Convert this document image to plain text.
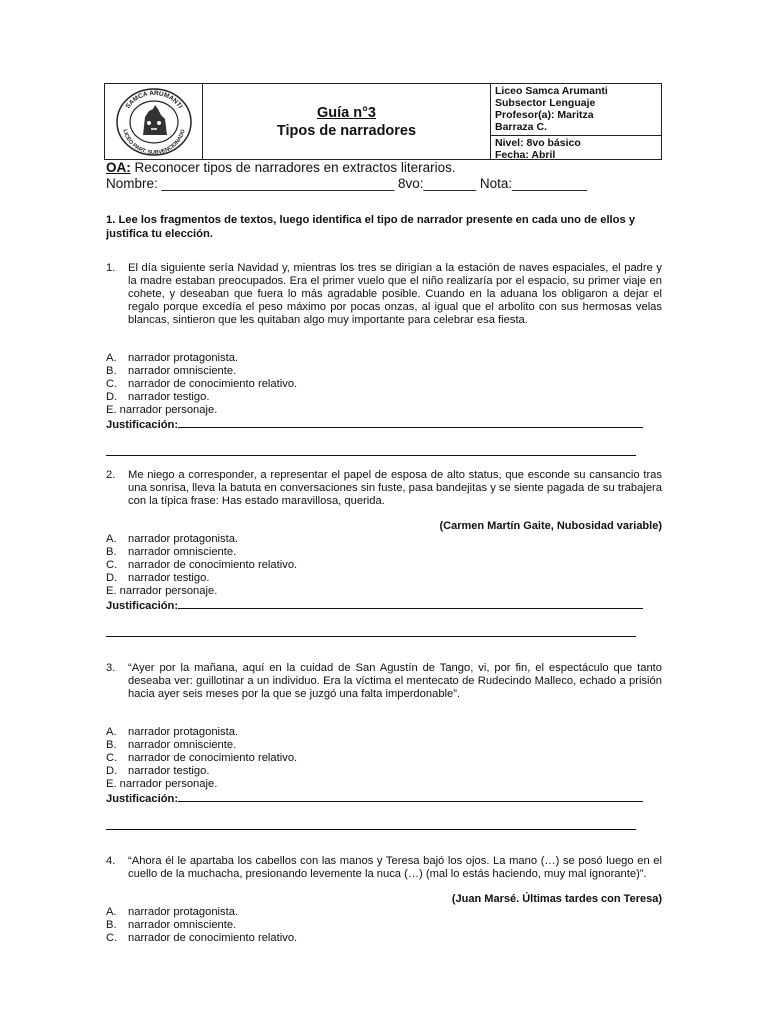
SAMCA ARUMANTI
LICEO PART. SUBVENCIONADO
Guía n°3
Tipos de narradores
Liceo Samca Arumanti
Subsector Lenguaje
Profesor(a): Maritza
Barraza C.
Nivel: 8vo básico
Fecha: Abril
OA: Reconocer tipos de narradores en extractos literarios.
Nombre: _______________________________ 8vo:_______ Nota:__________
1. Lee los fragmentos de textos, luego identifica el tipo de narrador presente en cada uno de ellos y justifica tu elección.
1. El día siguiente sería Navidad y, mientras los tres se dirigían a la estación de naves espaciales, el padre y la madre estaban preocupados. Era el primer vuelo que el niño realizaría por el espacio, su primer viaje en cohete, y deseaban que fuera lo más agradable posible. Cuando en la aduana los obligaron a dejar el regalo porque excedía el peso máximo por pocas onzas, al igual que el arbolito con sus hermosas velas blancas, sintieron que les quitaban algo muy importante para celebrar esa fiesta.
A. narrador protagonista.
B. narrador omnisciente.
C. narrador de conocimiento relativo.
D. narrador testigo.
E. narrador personaje.
Justificación:
2. Me niego a corresponder, a representar el papel de esposa de alto status, que esconde su cansancio tras una sonrisa, lleva la batuta en conversaciones sin fuste, pasa bandejitas y se siente pagada de su trabajera con la típica frase: Has estado maravillosa, querida.
(Carmen Martín Gaite, Nubosidad variable)
A. narrador protagonista.
B. narrador omnisciente.
C. narrador de conocimiento relativo.
D. narrador testigo.
E. narrador personaje.
Justificación:
3. “Ayer por la mañana, aquí en la cuidad de San Agustín de Tango, vi, por fin, el espectáculo que tanto deseaba ver: guillotinar a un individuo. Era la víctima el mentecato de Rudecindo Malleco, echado a prisión hacia ayer seis meses por la que se juzgó una falta imperdonable”.
A. narrador protagonista.
B. narrador omnisciente.
C. narrador de conocimiento relativo.
D. narrador testigo.
E. narrador personaje.
Justificación:
4. “Ahora él le apartaba los cabellos con las manos y Teresa bajó los ojos. La mano (…) se posó luego en el cuello de la muchacha, presionando levemente la nuca (…) (mal lo estás haciendo, muy mal ignorante)”.
(Juan Marsé. Últimas tardes con Teresa)
A. narrador protagonista.
B. narrador omnisciente.
C. narrador de conocimiento relativo.
